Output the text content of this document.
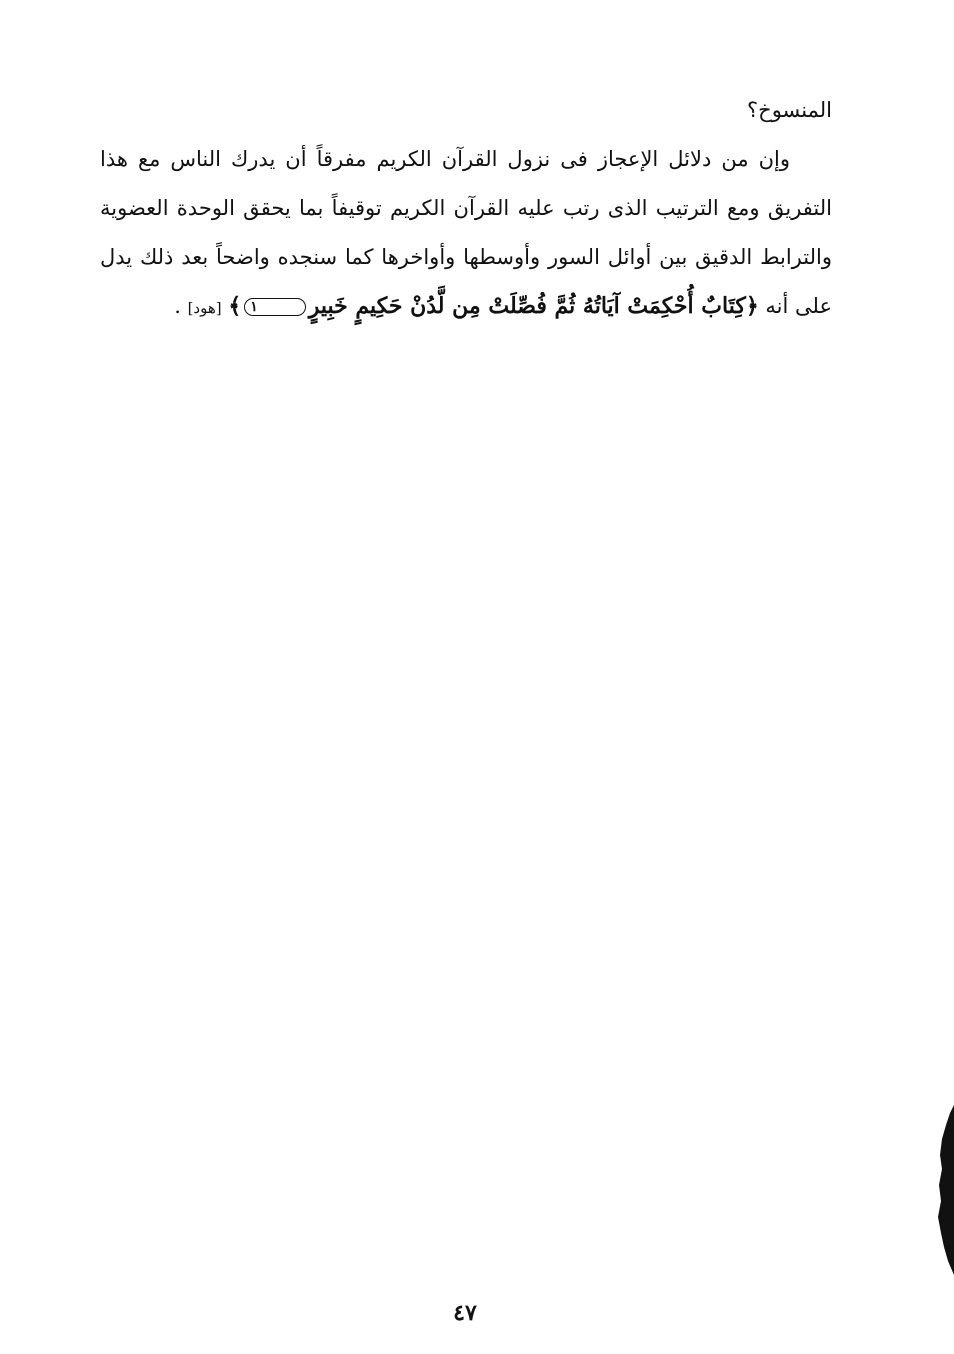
المنسوخ؟

وإن من دلائل الإعجاز فى نزول القرآن الكريم مفرقاً أن يدرك الناس مع هذا التفريق ومع الترتيب الذى رتب عليه القرآن الكريم توقيفاً بما يحقق الوحدة العضوية والترابط الدقيق بين أوائل السور وأوسطها وأواخرها كما سنجده واضحاً بعد ذلك يدل على أنه ﴿كِتَابٌ أُحْكِمَتْ آيَاتُهُ ثُمَّ فُصِّلَتْ مِن لَّدُنْ حَكِيمٍ خَبِيرٍ١﴾ [هود] .

٤٧
